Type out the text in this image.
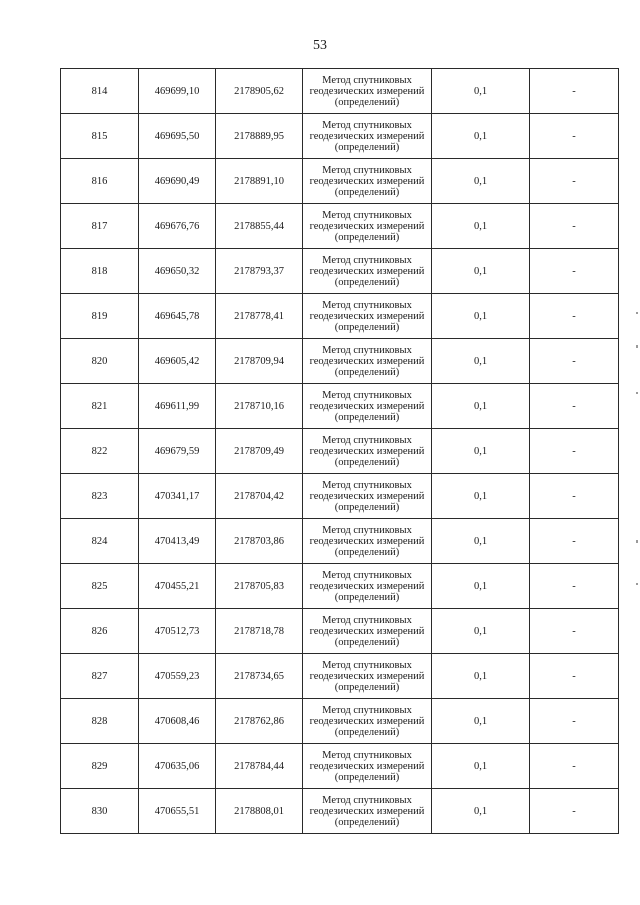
53
814	469699,10	2178905,62	Метод спутниковых
геодезических измерений
(определений)	0,1	-
815	469695,50	2178889,95	Метод спутниковых
геодезических измерений
(определений)	0,1	-
816	469690,49	2178891,10	Метод спутниковых
геодезических измерений
(определений)	0,1	-
817	469676,76	2178855,44	Метод спутниковых
геодезических измерений
(определений)	0,1	-
818	469650,32	2178793,37	Метод спутниковых
геодезических измерений
(определений)	0,1	-
819	469645,78	2178778,41	Метод спутниковых
геодезических измерений
(определений)	0,1	-
820	469605,42	2178709,94	Метод спутниковых
геодезических измерений
(определений)	0,1	-
821	469611,99	2178710,16	Метод спутниковых
геодезических измерений
(определений)	0,1	-
822	469679,59	2178709,49	Метод спутниковых
геодезических измерений
(определений)	0,1	-
823	470341,17	2178704,42	Метод спутниковых
геодезических измерений
(определений)	0,1	-
824	470413,49	2178703,86	Метод спутниковых
геодезических измерений
(определений)	0,1	-
825	470455,21	2178705,83	Метод спутниковых
геодезических измерений
(определений)	0,1	-
826	470512,73	2178718,78	Метод спутниковых
геодезических измерений
(определений)	0,1	-
827	470559,23	2178734,65	Метод спутниковых
геодезических измерений
(определений)	0,1	-
828	470608,46	2178762,86	Метод спутниковых
геодезических измерений
(определений)	0,1	-
829	470635,06	2178784,44	Метод спутниковых
геодезических измерений
(определений)	0,1	-
830	470655,51	2178808,01	Метод спутниковых
геодезических измерений
(определений)	0,1	-
